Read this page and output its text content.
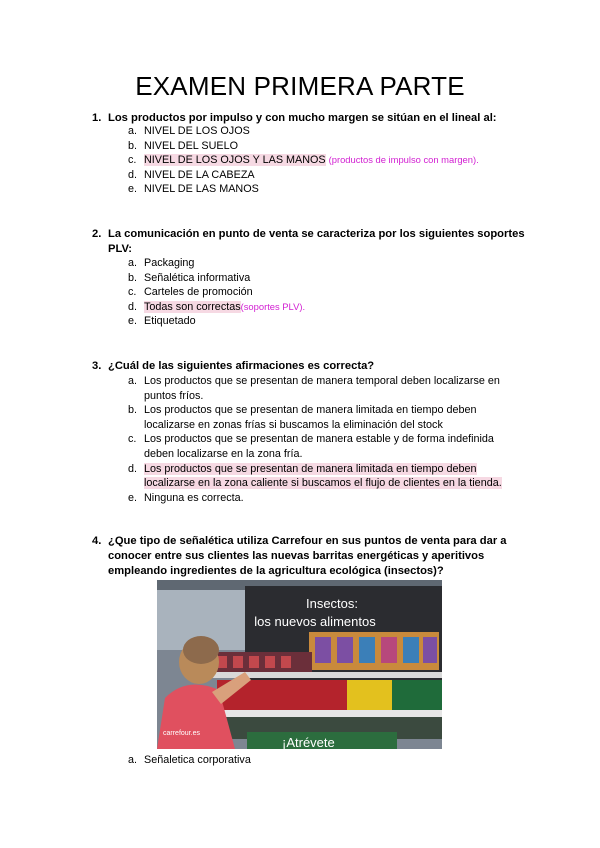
EXAMEN PRIMERA PARTE
1. Los productos por impulso y con mucho margen se sitúan en el lineal al:
a. NIVEL DE LOS OJOS
b. NIVEL DEL SUELO
c. NIVEL DE LOS OJOS Y LAS MANOS (productos de impulso con margen).
d. NIVEL DE LA CABEZA
e. NIVEL DE LAS MANOS
2. La comunicación en punto de venta se caracteriza por los siguientes soportes PLV:
a. Packaging
b. Señalética informativa
c. Carteles de promoción
d. Todas son correctas(soportes PLV).
e. Etiquetado
3. ¿Cuál de las siguientes afirmaciones es correcta?
a. Los productos que se presentan de manera temporal deben localizarse en puntos fríos.
b. Los productos que se presentan de manera limitada en tiempo deben localizarse en zonas frías si buscamos la eliminación del stock
c. Los productos que se presentan de manera estable y de forma indefinida deben localizarse en la zona fría.
d. Los productos que se presentan de manera limitada en tiempo deben localizarse en la zona caliente si buscamos el flujo de clientes en la tienda.
e. Ninguna es correcta.
4. ¿Que tipo de señalética utiliza Carrefour en sus puntos de venta para dar a conocer entre sus clientes las nuevas barritas energéticas y aperitivos empleando ingredientes de la agricultura ecológica (insectos)?
Insectos:
los nuevos alimentos
¡Atrévete
carrefour.es
a. Señaletica corporativa
